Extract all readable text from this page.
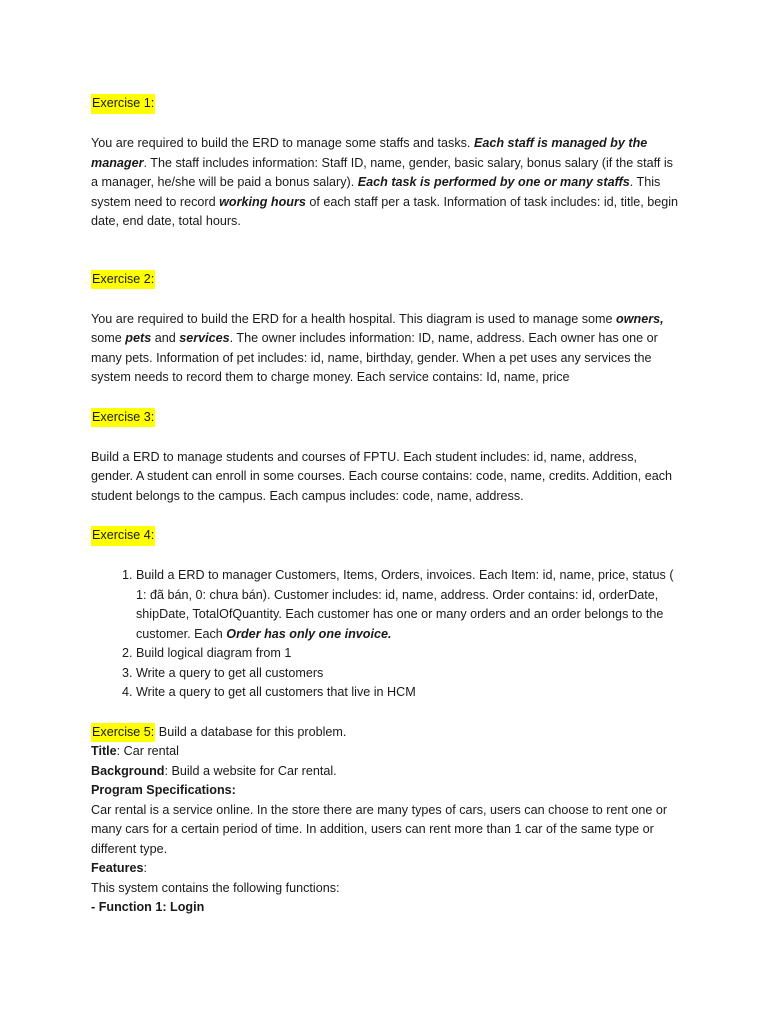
Exercise 1:

You are required to build the ERD to manage some staffs and tasks. Each staff is managed by the manager. The staff includes information: Staff ID, name, gender, basic salary, bonus salary (if the staff is a manager, he/she will be paid a bonus salary). Each task is performed by one or many staffs. This system need to record working hours of each staff per a task. Information of task includes: id, title, begin date, end date, total hours.

Exercise 2:

You are required to build the ERD for a health hospital. This diagram is used to manage some owners, some pets and services. The owner includes information: ID, name, address. Each owner has one or many pets. Information of pet includes: id, name, birthday, gender. When a pet uses any services the system needs to record them to charge money. Each service contains: Id, name, price

Exercise 3:

Build a ERD to manage students and courses of FPTU. Each student includes: id, name, address, gender. A student can enroll in some courses. Each course contains: code, name, credits. Addition, each student belongs to the campus. Each campus includes: code, name, address.

Exercise 4:

1. Build a ERD to manager Customers, Items, Orders, invoices. Each Item: id, name, price, status ( 1: đã bán, 0: chưa bán). Customer includes: id, name, address. Order contains: id, orderDate, shipDate, TotalOfQuantity. Each customer has one or many orders and an order belongs to the customer. Each Order has only one invoice.
2. Build logical diagram from 1
3. Write a query to get all customers
4. Write a query to get all customers that live in HCM

Exercise 5: Build a database for this problem.

Title: Car rental

Background: Build a website for Car rental.

Program Specifications:

Car rental is a service online. In the store there are many types of cars, users can choose to rent one or many cars for a certain period of time. In addition, users can rent more than 1 car of the same type or different type.

Features:

This system contains the following functions:

- Function 1: Login
